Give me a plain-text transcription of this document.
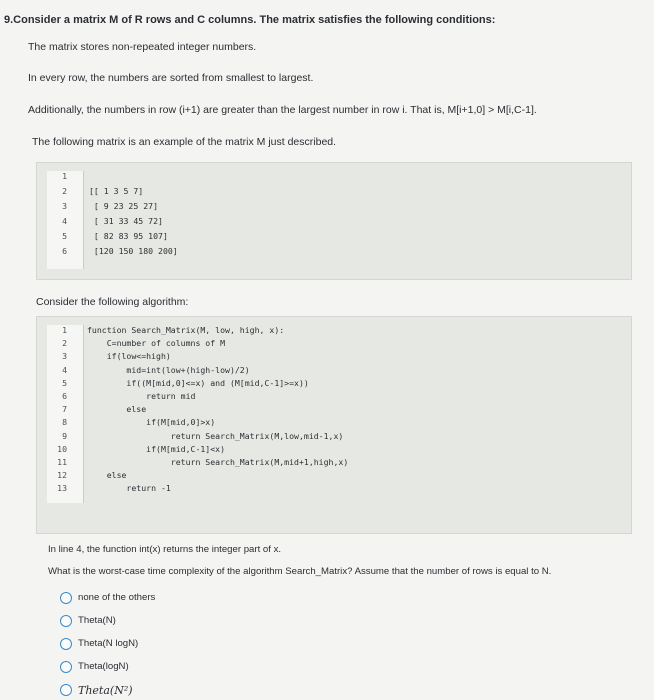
9.Consider a matrix M of R rows and C columns. The matrix satisfies the following conditions:
The matrix stores non-repeated integer numbers.
In every row, the numbers are sorted from smallest to largest.
Additionally, the numbers in row (i+1) are greater than the largest number in row i. That is, M[i+1,0] > M[i,C-1].
The following matrix is an example of the matrix M just described.
1
2	[[ 1 3 5 7]
3	[ 9 23 25 27]
4	[ 31 33 45 72]
5	[ 82 83 95 107]
6	[120 150 180 200]
Consider the following algorithm:
1 function Search_Matrix(M, low, high, x):
2 C=number of columns of M
3 if(low<=high)
4 mid=int(low+(high-low)/2)
5 if((M[mid,0]<=x) and (M[mid,C-1]>=x))
6 return mid
7 else
8 if(M[mid,0]>x)
9 return Search_Matrix(M,low,mid-1,x)
10 if(M[mid,C-1]<x)
11 return Search_Matrix(M,mid+1,high,x)
12 else
13 return -1
In line 4, the function int(x) returns the integer part of x.
What is the worst-case time complexity of the algorithm Search_Matrix? Assume that the number of rows is equal to N.
none of the others
Theta(N)
Theta(N logN)
Theta(logN)
Theta(N²)
